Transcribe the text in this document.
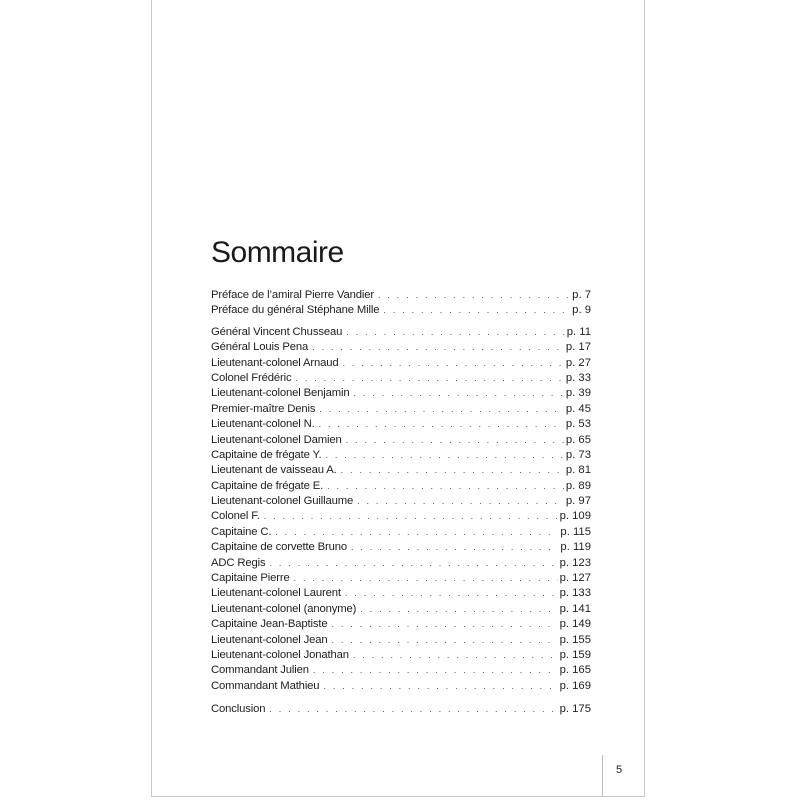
Sommaire
Préface de l’amiral Pierre Vandier . . .	p. 7
Préface du général Stéphane Mille . . .	p. 9
Général Vincent Chusseau . . .	p. 11
Général Louis Pena . . .	p. 17
Lieutenant-colonel Arnaud . . .	p. 27
Colonel Frédéric . . .	p. 33
Lieutenant-colonel Benjamin . . .	p. 39
Premier-maître Denis . . .	p. 45
Lieutenant-colonel N. . . .	p. 53
Lieutenant-colonel Damien . . .	p. 65
Capitaine de frégate Y. . . .	p. 73
Lieutenant de vaisseau A. . . .	p. 81
Capitaine de frégate E. . . .	p. 89
Lieutenant-colonel Guillaume . . .	p. 97
Colonel F. . . .	p. 109
Capitaine C. . . .	p. 115
Capitaine de corvette Bruno . . .	p. 119
ADC Regis . . .	p. 123
Capitaine Pierre . . .	p. 127
Lieutenant-colonel Laurent . . .	p. 133
Lieutenant-colonel (anonyme) . . .	p. 141
Capitaine Jean-Baptiste . . .	p. 149
Lieutenant-colonel Jean . . .	p. 155
Lieutenant-colonel Jonathan . . .	p. 159
Commandant Julien . . .	p. 165
Commandant Mathieu . . .	p. 169
Conclusion . . .	p. 175
5
